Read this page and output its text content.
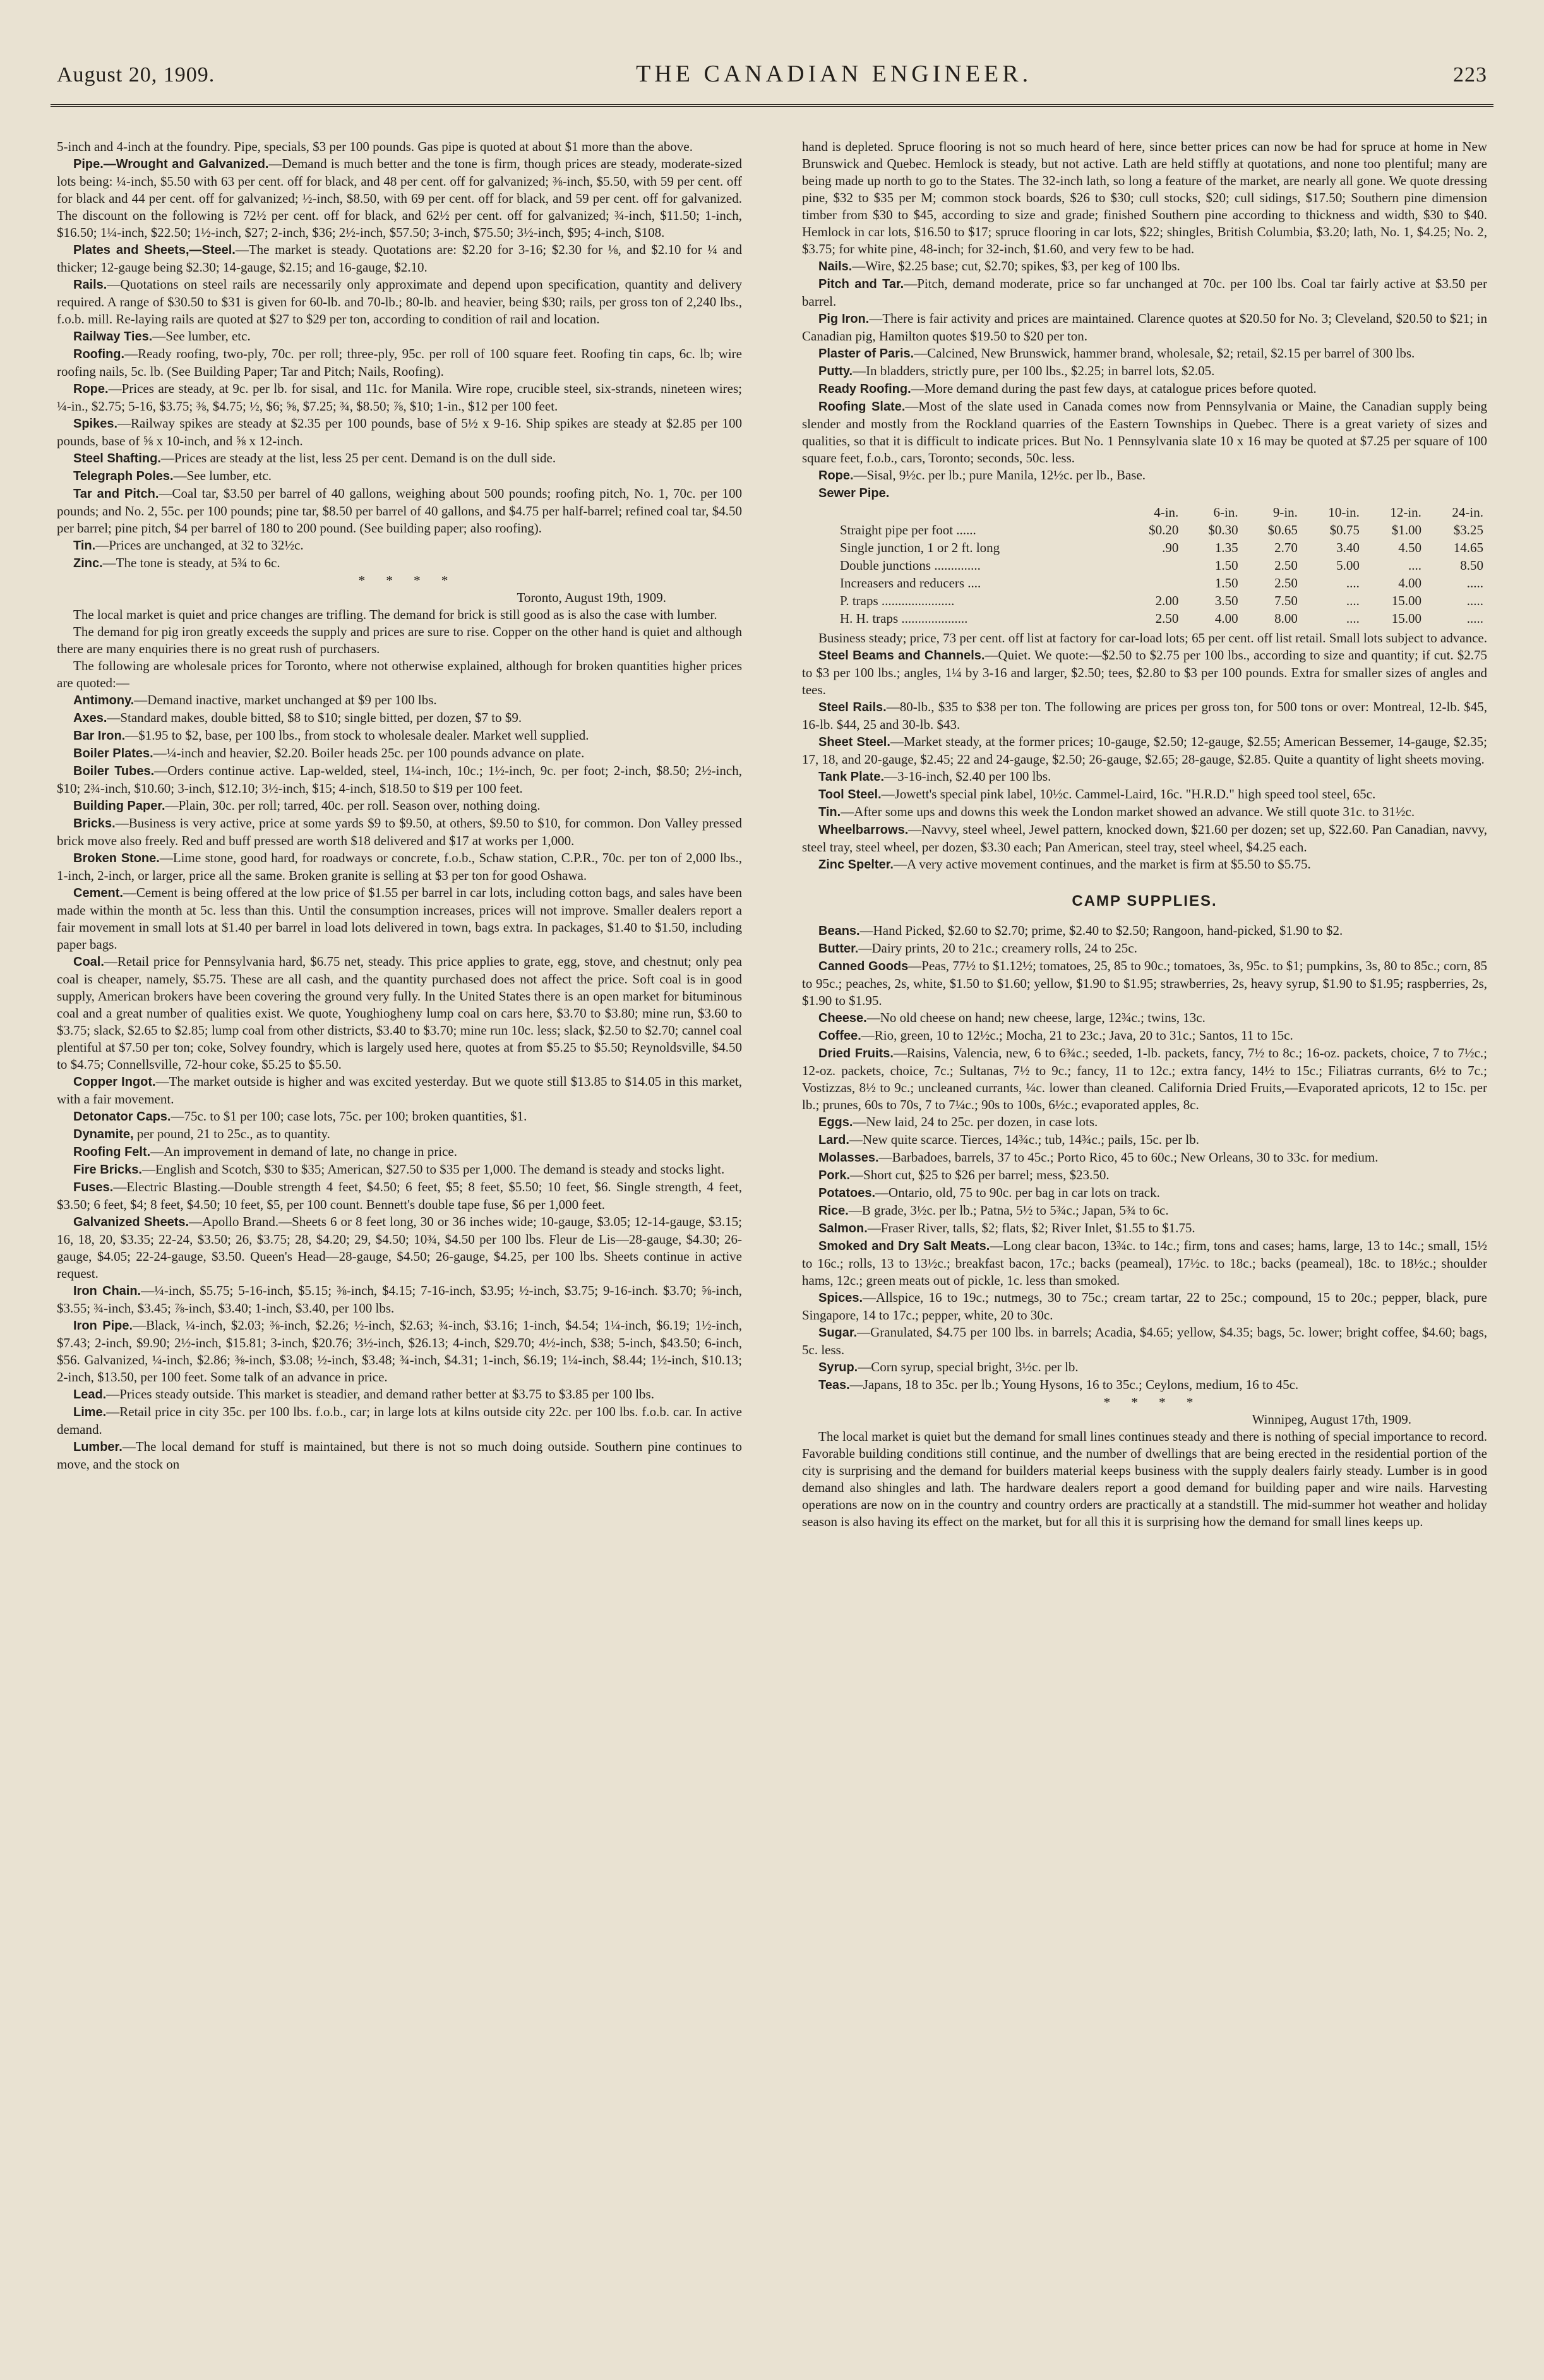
August 20, 1909.	THE CANADIAN ENGINEER.	223

5-inch and 4-inch at the foundry. Pipe, specials, $3 per 100 pounds. Gas pipe is quoted at about $1 more than the above.

Pipe.—Wrought and Galvanized.—Demand is much better and the tone is firm, though prices are steady, moderate-sized lots being: ¼-inch, $5.50 with 63 per cent. off for black, and 48 per cent. off for galvanized; ⅜-inch, $5.50, with 59 per cent. off for black and 44 per cent. off for galvanized; ½-inch, $8.50, with 69 per cent. off for black, and 59 per cent. off for galvanized. The discount on the following is 72½ per cent. off for black, and 62½ per cent. off for galvanized; ¾-inch, $11.50; 1-inch, $16.50; 1¼-inch, $22.50; 1½-inch, $27; 2-inch, $36; 2½-inch, $57.50; 3-inch, $75.50; 3½-inch, $95; 4-inch, $108.

Plates and Sheets,—Steel.—The market is steady. Quotations are: $2.20 for 3-16; $2.30 for ⅛, and $2.10 for ¼ and thicker; 12-gauge being $2.30; 14-gauge, $2.15; and 16-gauge, $2.10.

Rails.—Quotations on steel rails are necessarily only approximate and depend upon specification, quantity and delivery required. A range of $30.50 to $31 is given for 60-lb. and 70-lb.; 80-lb. and heavier, being $30; rails, per gross ton of 2,240 lbs., f.o.b. mill. Re-laying rails are quoted at $27 to $29 per ton, according to condition of rail and location.

Railway Ties.—See lumber, etc.

Roofing.—Ready roofing, two-ply, 70c. per roll; three-ply, 95c. per roll of 100 square feet. Roofing tin caps, 6c. lb; wire roofing nails, 5c. lb. (See Building Paper; Tar and Pitch; Nails, Roofing).

Rope.—Prices are steady, at 9c. per lb. for sisal, and 11c. for Manila. Wire rope, crucible steel, six-strands, nineteen wires; ¼-in., $2.75; 5-16, $3.75; ⅜, $4.75; ½, $6; ⅝, $7.25; ¾, $8.50; ⅞, $10; 1-in., $12 per 100 feet.

Spikes.—Railway spikes are steady at $2.35 per 100 pounds, base of 5½ x 9-16. Ship spikes are steady at $2.85 per 100 pounds, base of ⅝ x 10-inch, and ⅝ x 12-inch.

Steel Shafting.—Prices are steady at the list, less 25 per cent. Demand is on the dull side.

Telegraph Poles.—See lumber, etc.

Tar and Pitch.—Coal tar, $3.50 per barrel of 40 gallons, weighing about 500 pounds; roofing pitch, No. 1, 70c. per 100 pounds; and No. 2, 55c. per 100 pounds; pine tar, $8.50 per barrel of 40 gallons, and $4.75 per half-barrel; refined coal tar, $4.50 per barrel; pine pitch, $4 per barrel of 180 to 200 pound. (See building paper; also roofing).

Tin.—Prices are unchanged, at 32 to 32½c.

Zinc.—The tone is steady, at 5¾ to 6c.

* * * *

Toronto, August 19th, 1909.

The local market is quiet and price changes are trifling. The demand for brick is still good as is also the case with lumber.

The demand for pig iron greatly exceeds the supply and prices are sure to rise. Copper on the other hand is quiet and although there are many enquiries there is no great rush of purchasers.

The following are wholesale prices for Toronto, where not otherwise explained, although for broken quantities higher prices are quoted:—

Antimony.—Demand inactive, market unchanged at $9 per 100 lbs.

Axes.—Standard makes, double bitted, $8 to $10; single bitted, per dozen, $7 to $9.

Bar Iron.—$1.95 to $2, base, per 100 lbs., from stock to wholesale dealer. Market well supplied.

Boiler Plates.—¼-inch and heavier, $2.20. Boiler heads 25c. per 100 pounds advance on plate.

Boiler Tubes.—Orders continue active. Lap-welded, steel, 1¼-inch, 10c.; 1½-inch, 9c. per foot; 2-inch, $8.50; 2½-inch, $10; 2¾-inch, $10.60; 3-inch, $12.10; 3½-inch, $15; 4-inch, $18.50 to $19 per 100 feet.

Building Paper.—Plain, 30c. per roll; tarred, 40c. per roll. Season over, nothing doing.

Bricks.—Business is very active, price at some yards $9 to $9.50, at others, $9.50 to $10, for common. Don Valley pressed brick move also freely. Red and buff pressed are worth $18 delivered and $17 at works per 1,000.

Broken Stone.—Lime stone, good hard, for roadways or concrete, f.o.b., Schaw station, C.P.R., 70c. per ton of 2,000 lbs., 1-inch, 2-inch, or larger, price all the same. Broken granite is selling at $3 per ton for good Oshawa.

Cement.—Cement is being offered at the low price of $1.55 per barrel in car lots, including cotton bags, and sales have been made within the month at 5c. less than this. Until the consumption increases, prices will not improve. Smaller dealers report a fair movement in small lots at $1.40 per barrel in load lots delivered in town, bags extra. In packages, $1.40 to $1.50, including paper bags.

Coal.—Retail price for Pennsylvania hard, $6.75 net, steady. This price applies to grate, egg, stove, and chestnut; only pea coal is cheaper, namely, $5.75. These are all cash, and the quantity purchased does not affect the price. Soft coal is in good supply, American brokers have been covering the ground very fully. In the United States there is an open market for bituminous coal and a great number of qualities exist. We quote, Youghiogheny lump coal on cars here, $3.70 to $3.80; mine run, $3.60 to $3.75; slack, $2.65 to $2.85; lump coal from other districts, $3.40 to $3.70; mine run 10c. less; slack, $2.50 to $2.70; cannel coal plentiful at $7.50 per ton; coke, Solvey foundry, which is largely used here, quotes at from $5.25 to $5.50; Reynoldsville, $4.50 to $4.75; Connellsville, 72-hour coke, $5.25 to $5.50.

Copper Ingot.—The market outside is higher and was excited yesterday. But we quote still $13.85 to $14.05 in this market, with a fair movement.

Detonator Caps.—75c. to $1 per 100; case lots, 75c. per 100; broken quantities, $1.

Dynamite, per pound, 21 to 25c., as to quantity.

Roofing Felt.—An improvement in demand of late, no change in price.

Fire Bricks.—English and Scotch, $30 to $35; American, $27.50 to $35 per 1,000. The demand is steady and stocks light.

Fuses.—Electric Blasting.—Double strength 4 feet, $4.50; 6 feet, $5; 8 feet, $5.50; 10 feet, $6. Single strength, 4 feet, $3.50; 6 feet, $4; 8 feet, $4.50; 10 feet, $5, per 100 count. Bennett's double tape fuse, $6 per 1,000 feet.

Galvanized Sheets.—Apollo Brand.—Sheets 6 or 8 feet long, 30 or 36 inches wide; 10-gauge, $3.05; 12-14-gauge, $3.15; 16, 18, 20, $3.35; 22-24, $3.50; 26, $3.75; 28, $4.20; 29, $4.50; 10¾, $4.50 per 100 lbs. Fleur de Lis—28-gauge, $4.30; 26-gauge, $4.05; 22-24-gauge, $3.50. Queen's Head—28-gauge, $4.50; 26-gauge, $4.25, per 100 lbs. Sheets continue in active request.

Iron Chain.—¼-inch, $5.75; 5-16-inch, $5.15; ⅜-inch, $4.15; 7-16-inch, $3.95; ½-inch, $3.75; 9-16-inch. $3.70; ⅝-inch, $3.55; ¾-inch, $3.45; ⅞-inch, $3.40; 1-inch, $3.40, per 100 lbs.

Iron Pipe.—Black, ¼-inch, $2.03; ⅜-inch, $2.26; ½-inch, $2.63; ¾-inch, $3.16; 1-inch, $4.54; 1¼-inch, $6.19; 1½-inch, $7.43; 2-inch, $9.90; 2½-inch, $15.81; 3-inch, $20.76; 3½-inch, $26.13; 4-inch, $29.70; 4½-inch, $38; 5-inch, $43.50; 6-inch, $56. Galvanized, ¼-inch, $2.86; ⅜-inch, $3.08; ½-inch, $3.48; ¾-inch, $4.31; 1-inch, $6.19; 1¼-inch, $8.44; 1½-inch, $10.13; 2-inch, $13.50, per 100 feet. Some talk of an advance in price.

Lead.—Prices steady outside. This market is steadier, and demand rather better at $3.75 to $3.85 per 100 lbs.

Lime.—Retail price in city 35c. per 100 lbs. f.o.b., car; in large lots at kilns outside city 22c. per 100 lbs. f.o.b. car. In active demand.

Lumber.—The local demand for stuff is maintained, but there is not so much doing outside. Southern pine continues to move, and the stock on

hand is depleted. Spruce flooring is not so much heard of here, since better prices can now be had for spruce at home in New Brunswick and Quebec. Hemlock is steady, but not active. Lath are held stiffly at quotations, and none too plentiful; many are being made up north to go to the States. The 32-inch lath, so long a feature of the market, are nearly all gone. We quote dressing pine, $32 to $35 per M; common stock boards, $26 to $30; cull stocks, $20; cull sidings, $17.50; Southern pine dimension timber from $30 to $45, according to size and grade; finished Southern pine according to thickness and width, $30 to $40. Hemlock in car lots, $16.50 to $17; spruce flooring in car lots, $22; shingles, British Columbia, $3.20; lath, No. 1, $4.25; No. 2, $3.75; for white pine, 48-inch; for 32-inch, $1.60, and very few to be had.

Nails.—Wire, $2.25 base; cut, $2.70; spikes, $3, per keg of 100 lbs.

Pitch and Tar.—Pitch, demand moderate, price so far unchanged at 70c. per 100 lbs. Coal tar fairly active at $3.50 per barrel.

Pig Iron.—There is fair activity and prices are maintained. Clarence quotes at $20.50 for No. 3; Cleveland, $20.50 to $21; in Canadian pig, Hamilton quotes $19.50 to $20 per ton.

Plaster of Paris.—Calcined, New Brunswick, hammer brand, wholesale, $2; retail, $2.15 per barrel of 300 lbs.

Putty.—In bladders, strictly pure, per 100 lbs., $2.25; in barrel lots, $2.05.

Ready Roofing.—More demand during the past few days, at catalogue prices before quoted.

Roofing Slate.—Most of the slate used in Canada comes now from Pennsylvania or Maine, the Canadian supply being slender and mostly from the Rockland quarries of the Eastern Townships in Quebec. There is a great variety of sizes and qualities, so that it is difficult to indicate prices. But No. 1 Pennsylvania slate 10 x 16 may be quoted at $7.25 per square of 100 square feet, f.o.b., cars, Toronto; seconds, 50c. less.

Rope.—Sisal, 9½c. per lb.; pure Manila, 12½c. per lb., Base.

Sewer Pipe.

	4-in.	6-in.	9-in.	10-in.	12-in.	24-in.
Straight pipe per foot ......	$0.20	$0.30	$0.65	$0.75	$1.00	$3.25
Single junction, 1 or 2 ft. long	.90	1.35	2.70	3.40	4.50	14.65
Double junctions ..............		1.50	2.50	5.00	....	8.50
Increasers and reducers ....		1.50	2.50	....	4.00	.....
P. traps ......................	2.00	3.50	7.50	....	15.00	.....
H. H. traps ....................	2.50	4.00	8.00	....	15.00	.....

Business steady; price, 73 per cent. off list at factory for car-load lots; 65 per cent. off list retail. Small lots subject to advance.

Steel Beams and Channels.—Quiet. We quote:—$2.50 to $2.75 per 100 lbs., according to size and quantity; if cut. $2.75 to $3 per 100 lbs.; angles, 1¼ by 3-16 and larger, $2.50; tees, $2.80 to $3 per 100 pounds. Extra for smaller sizes of angles and tees.

Steel Rails.—80-lb., $35 to $38 per ton. The following are prices per gross ton, for 500 tons or over: Montreal, 12-lb. $45, 16-lb. $44, 25 and 30-lb. $43.

Sheet Steel.—Market steady, at the former prices; 10-gauge, $2.50; 12-gauge, $2.55; American Bessemer, 14-gauge, $2.35; 17, 18, and 20-gauge, $2.45; 22 and 24-gauge, $2.50; 26-gauge, $2.65; 28-gauge, $2.85. Quite a quantity of light sheets moving.

Tank Plate.—3-16-inch, $2.40 per 100 lbs.

Tool Steel.—Jowett's special pink label, 10½c. Cammel-Laird, 16c. "H.R.D." high speed tool steel, 65c.

Tin.—After some ups and downs this week the London market showed an advance. We still quote 31c. to 31½c.

Wheelbarrows.—Navvy, steel wheel, Jewel pattern, knocked down, $21.60 per dozen; set up, $22.60. Pan Canadian, navvy, steel tray, steel wheel, per dozen, $3.30 each; Pan American, steel tray, steel wheel, $4.25 each.

Zinc Spelter.—A very active movement continues, and the market is firm at $5.50 to $5.75.

CAMP SUPPLIES.

Beans.—Hand Picked, $2.60 to $2.70; prime, $2.40 to $2.50; Rangoon, hand-picked, $1.90 to $2.

Butter.—Dairy prints, 20 to 21c.; creamery rolls, 24 to 25c.

Canned Goods—Peas, 77½ to $1.12½; tomatoes, 25, 85 to 90c.; tomatoes, 3s, 95c. to $1; pumpkins, 3s, 80 to 85c.; corn, 85 to 95c.; peaches, 2s, white, $1.50 to $1.60; yellow, $1.90 to $1.95; strawberries, 2s, heavy syrup, $1.90 to $1.95; raspberries, 2s, $1.90 to $1.95.

Cheese.—No old cheese on hand; new cheese, large, 12¾c.; twins, 13c.

Coffee.—Rio, green, 10 to 12½c.; Mocha, 21 to 23c.; Java, 20 to 31c.; Santos, 11 to 15c.

Dried Fruits.—Raisins, Valencia, new, 6 to 6¾c.; seeded, 1-lb. packets, fancy, 7½ to 8c.; 16-oz. packets, choice, 7 to 7½c.; 12-oz. packets, choice, 7c.; Sultanas, 7½ to 9c.; fancy, 11 to 12c.; extra fancy, 14½ to 15c.; Filiatras currants, 6½ to 7c.; Vostizzas, 8½ to 9c.; uncleaned currants, ¼c. lower than cleaned. California Dried Fruits,—Evaporated apricots, 12 to 15c. per lb.; prunes, 60s to 70s, 7 to 7¼c.; 90s to 100s, 6½c.; evaporated apples, 8c.

Eggs.—New laid, 24 to 25c. per dozen, in case lots.

Lard.—New quite scarce. Tierces, 14¾c.; tub, 14¾c.; pails, 15c. per lb.

Molasses.—Barbadoes, barrels, 37 to 45c.; Porto Rico, 45 to 60c.; New Orleans, 30 to 33c. for medium.

Pork.—Short cut, $25 to $26 per barrel; mess, $23.50.

Potatoes.—Ontario, old, 75 to 90c. per bag in car lots on track.

Rice.—B grade, 3½c. per lb.; Patna, 5½ to 5¾c.; Japan, 5¾ to 6c.

Salmon.—Fraser River, talls, $2; flats, $2; River Inlet, $1.55 to $1.75.

Smoked and Dry Salt Meats.—Long clear bacon, 13¾c. to 14c.; firm, tons and cases; hams, large, 13 to 14c.; small, 15½ to 16c.; rolls, 13 to 13½c.; breakfast bacon, 17c.; backs (peameal), 17½c. to 18c.; backs (peameal), 18c. to 18½c.; shoulder hams, 12c.; green meats out of pickle, 1c. less than smoked.

Spices.—Allspice, 16 to 19c.; nutmegs, 30 to 75c.; cream tartar, 22 to 25c.; compound, 15 to 20c.; pepper, black, pure Singapore, 14 to 17c.; pepper, white, 20 to 30c.

Sugar.—Granulated, $4.75 per 100 lbs. in barrels; Acadia, $4.65; yellow, $4.35; bags, 5c. lower; bright coffee, $4.60; bags, 5c. less.

Syrup.—Corn syrup, special bright, 3½c. per lb.

Teas.—Japans, 18 to 35c. per lb.; Young Hysons, 16 to 35c.; Ceylons, medium, 16 to 45c.

* * * *

Winnipeg, August 17th, 1909.

The local market is quiet but the demand for small lines continues steady and there is nothing of special importance to record. Favorable building conditions still continue, and the number of dwellings that are being erected in the residential portion of the city is surprising and the demand for builders material keeps business with the supply dealers fairly steady. Lumber is in good demand also shingles and lath. The hardware dealers report a good demand for building paper and wire nails. Harvesting operations are now on in the country and country orders are practically at a standstill. The mid-summer hot weather and holiday season is also having its effect on the market, but for all this it is surprising how the demand for small lines keeps up.
